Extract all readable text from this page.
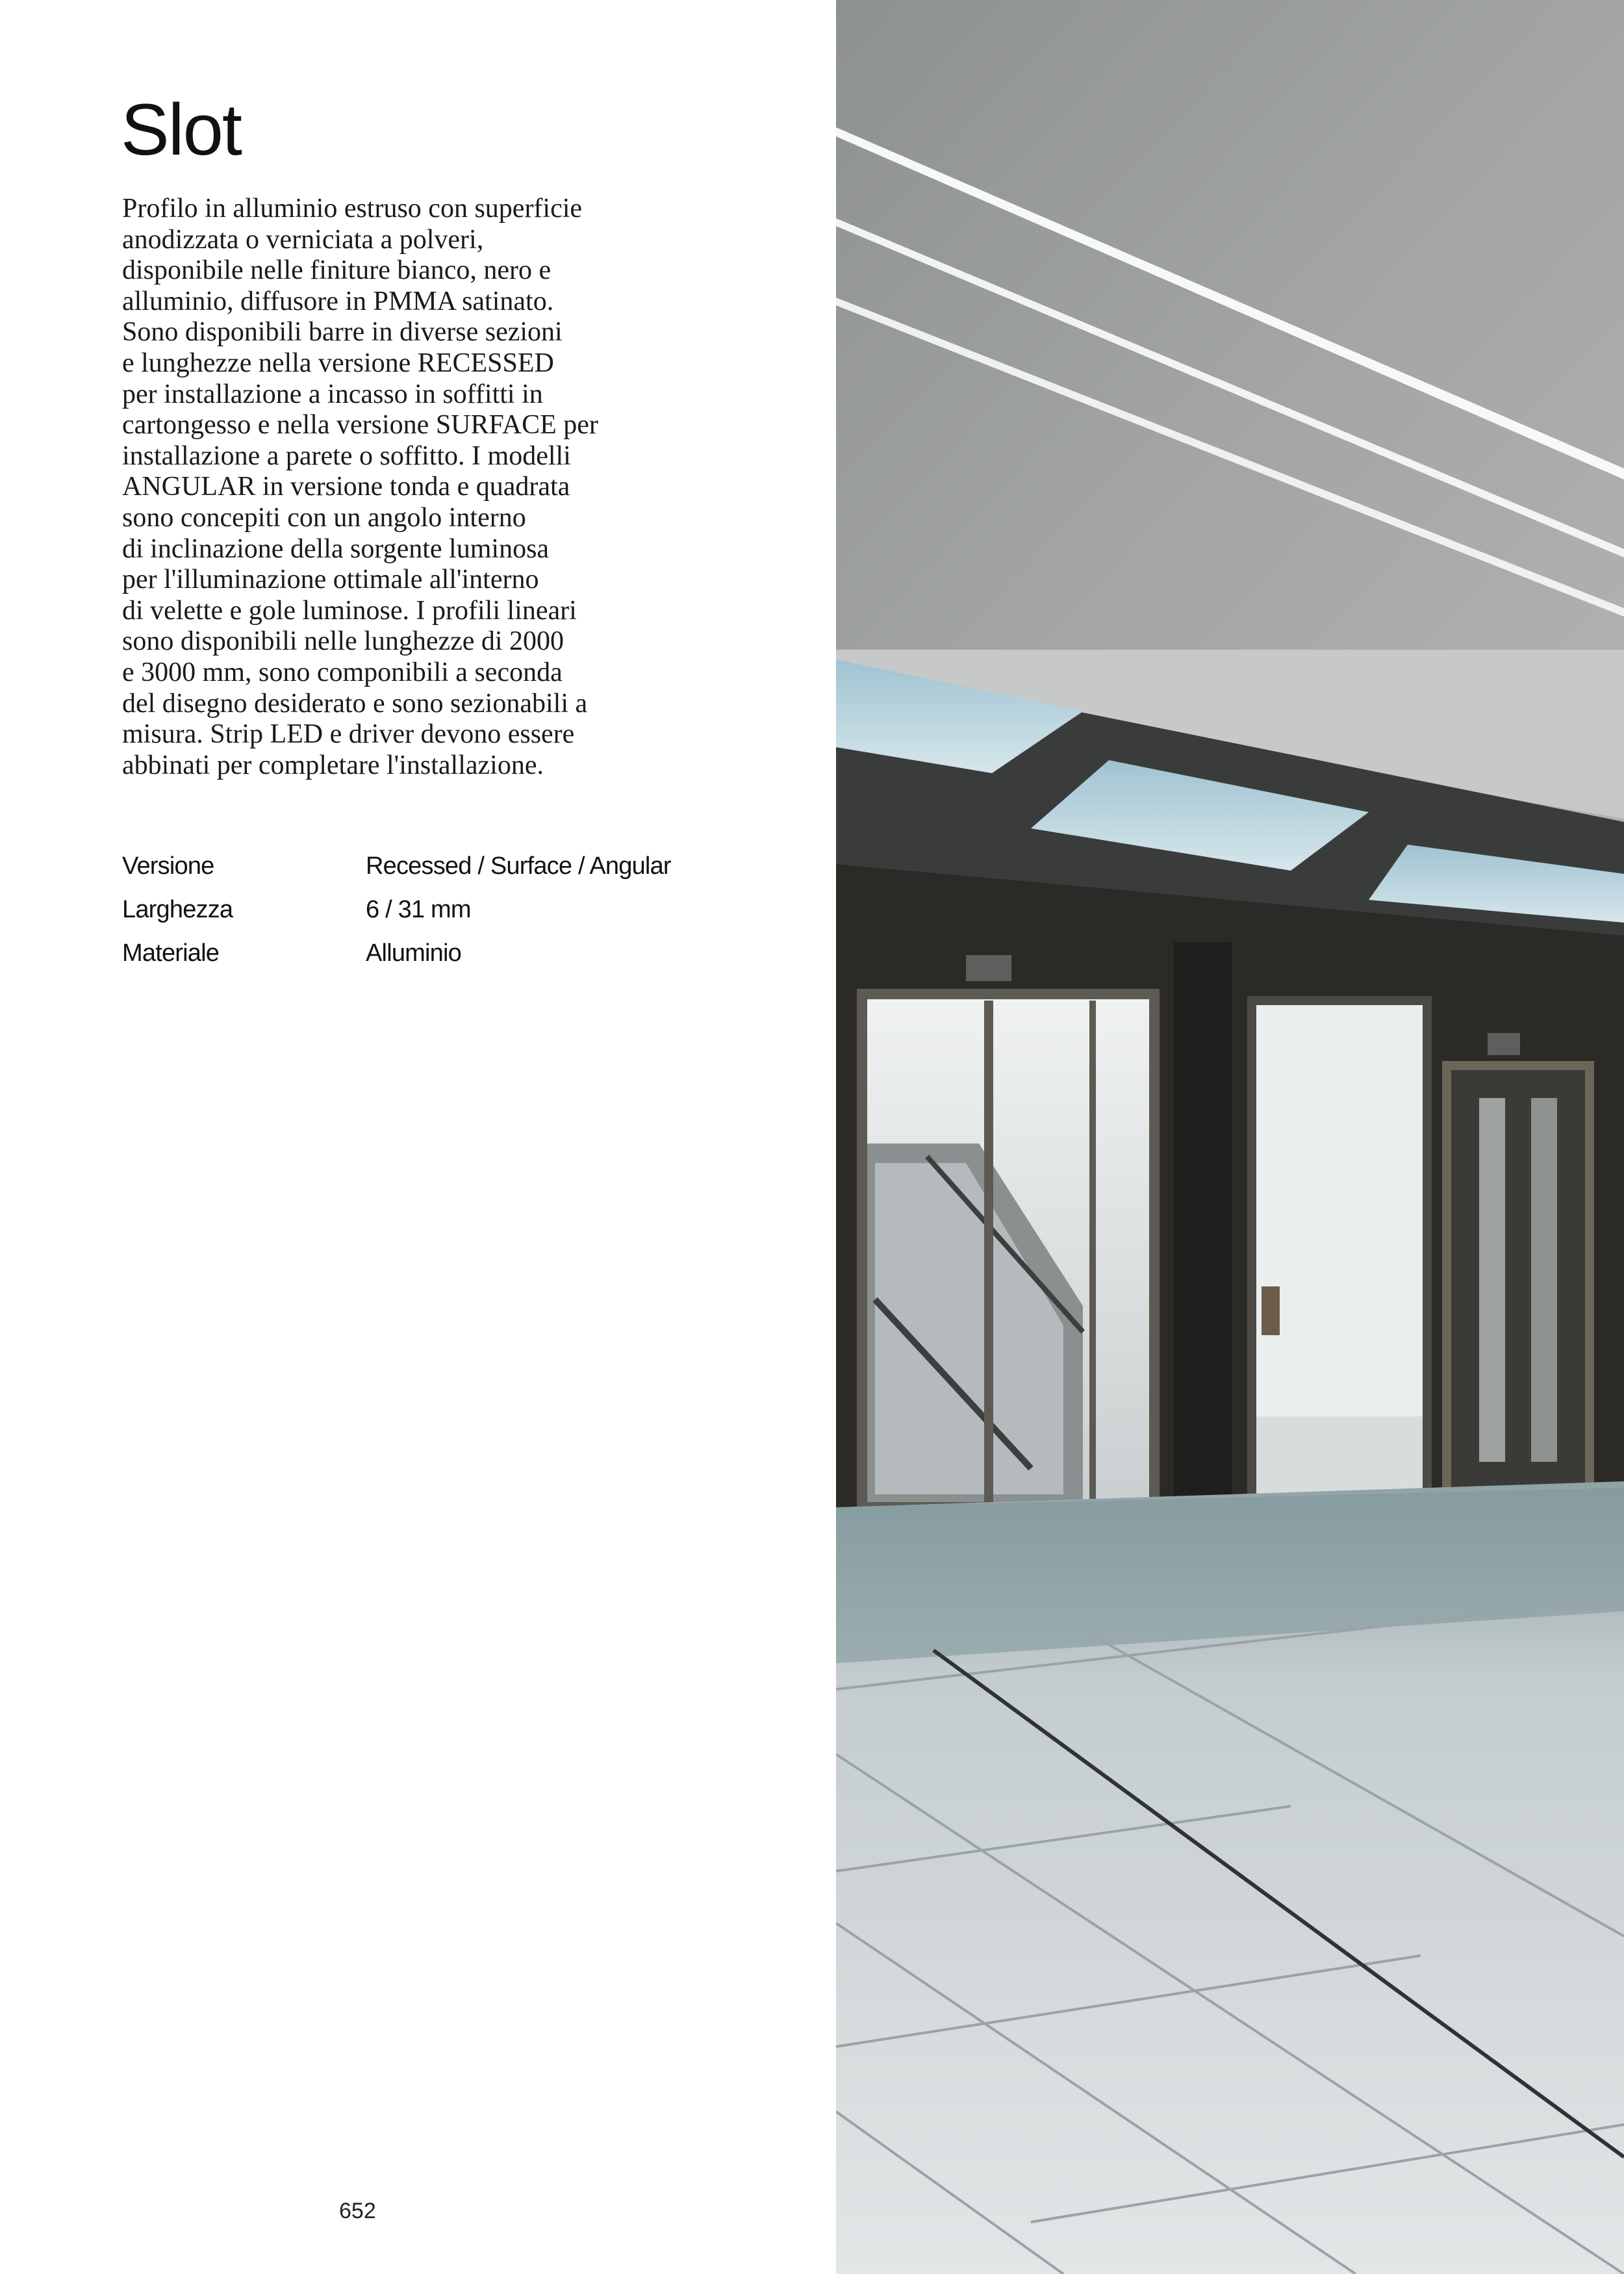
Slot

Profilo in alluminio estruso con superficie
anodizzata o verniciata a polveri,
disponibile nelle finiture bianco, nero e
alluminio, diffusore in PMMA satinato.
Sono disponibili barre in diverse sezioni
e lunghezze nella versione RECESSED
per installazione a incasso in soffitti in
cartongesso e nella versione SURFACE per
installazione a parete o soffitto. I modelli
ANGULAR in versione tonda e quadrata
sono concepiti con un angolo interno
di inclinazione della sorgente luminosa
per l'illuminazione ottimale all'interno
di velette e gole luminose. I profili lineari
sono disponibili nelle lunghezze di 2000
e 3000 mm, sono componibili a seconda
del disegno desiderato e sono sezionabili a
misura. Strip LED e driver devono essere
abbinati per completare l'installazione.

Versione	Recessed / Surface / Angular
Larghezza	6 / 31 mm
Materiale	Alluminio
652
